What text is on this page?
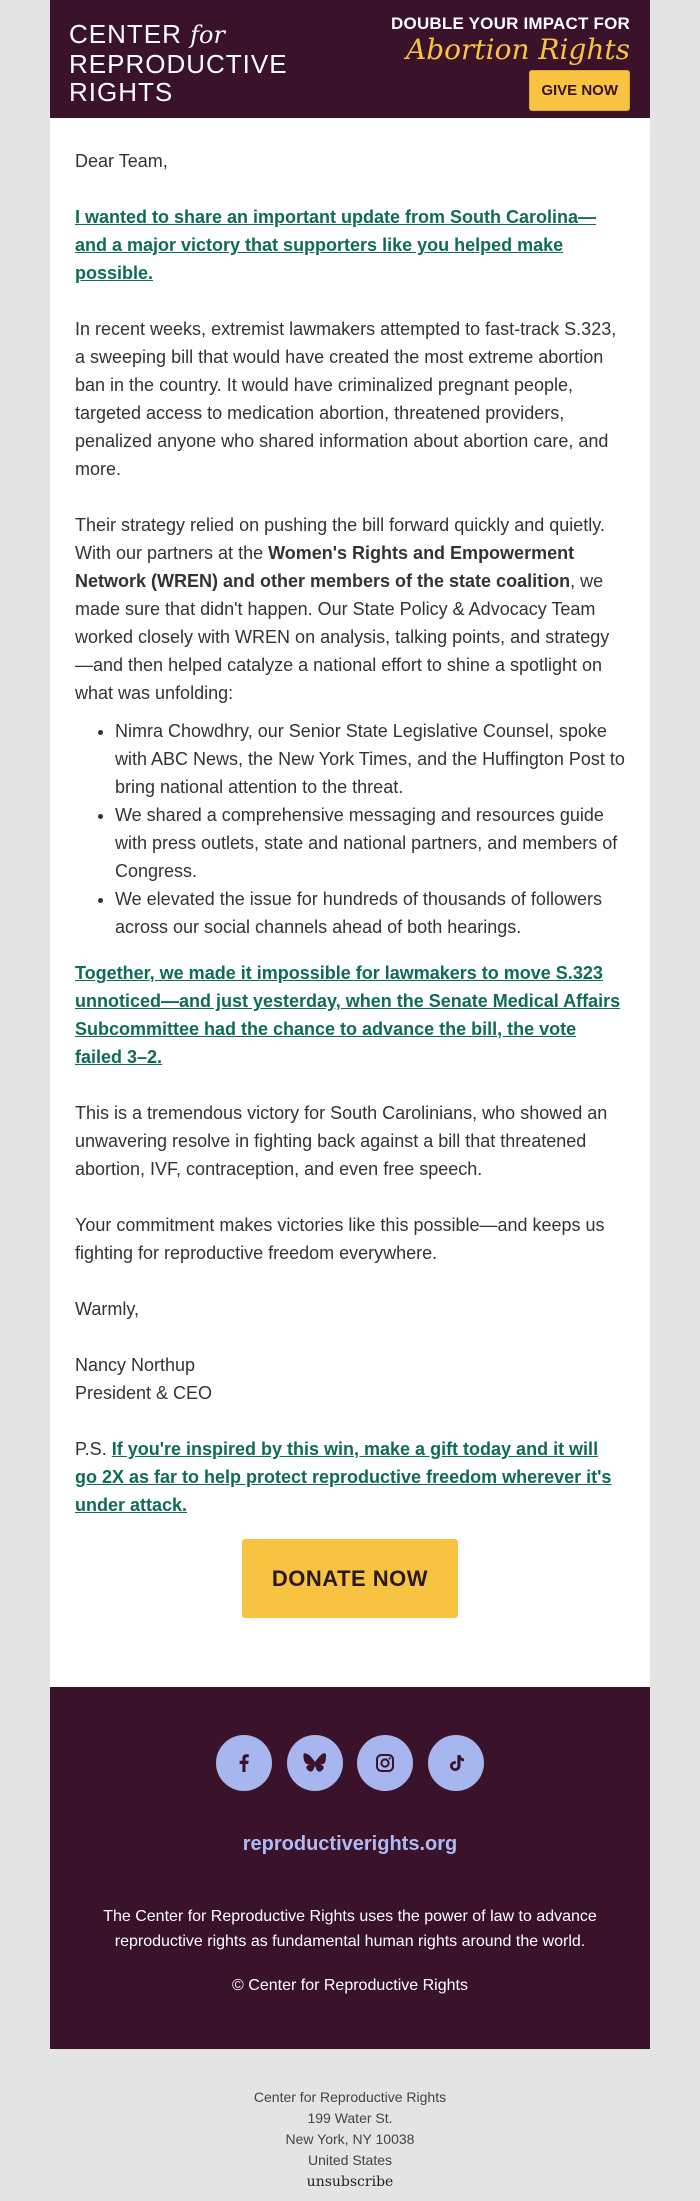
CENTER for
REPRODUCTIVE
RIGHTS
DOUBLE YOUR IMPACT FOR
Abortion Rights
GIVE NOW

Dear Team,

I wanted to share an important update from South Carolina—and a major victory that supporters like you helped make possible.

In recent weeks, extremist lawmakers attempted to fast-track S.323, a sweeping bill that would have created the most extreme abortion ban in the country. It would have criminalized pregnant people, targeted access to medication abortion, threatened providers, penalized anyone who shared information about abortion care, and more.

Their strategy relied on pushing the bill forward quickly and quietly. With our partners at the Women's Rights and Empowerment Network (WREN) and other members of the state coalition, we made sure that didn't happen. Our State Policy & Advocacy Team worked closely with WREN on analysis, talking points, and strategy—and then helped catalyze a national effort to shine a spotlight on what was unfolding:

• Nimra Chowdhry, our Senior State Legislative Counsel, spoke with ABC News, the New York Times, and the Huffington Post to bring national attention to the threat.
• We shared a comprehensive messaging and resources guide with press outlets, state and national partners, and members of Congress.
• We elevated the issue for hundreds of thousands of followers across our social channels ahead of both hearings.

Together, we made it impossible for lawmakers to move S.323 unnoticed—and just yesterday, when the Senate Medical Affairs Subcommittee had the chance to advance the bill, the vote failed 3–2.

This is a tremendous victory for South Carolinians, who showed an unwavering resolve in fighting back against a bill that threatened abortion, IVF, contraception, and even free speech.

Your commitment makes victories like this possible—and keeps us fighting for reproductive freedom everywhere.

Warmly,

Nancy Northup

President & CEO

P.S. If you're inspired by this win, make a gift today and it will go 2X as far to help protect reproductive freedom wherever it's under attack.

DONATE NOW

reproductiverights.org
The Center for Reproductive Rights uses the power of law to advance reproductive rights as fundamental human rights around the world.
© Center for Reproductive Rights
Center for Reproductive Rights
199 Water St.
New York, NY 10038
United States
unsubscribe
